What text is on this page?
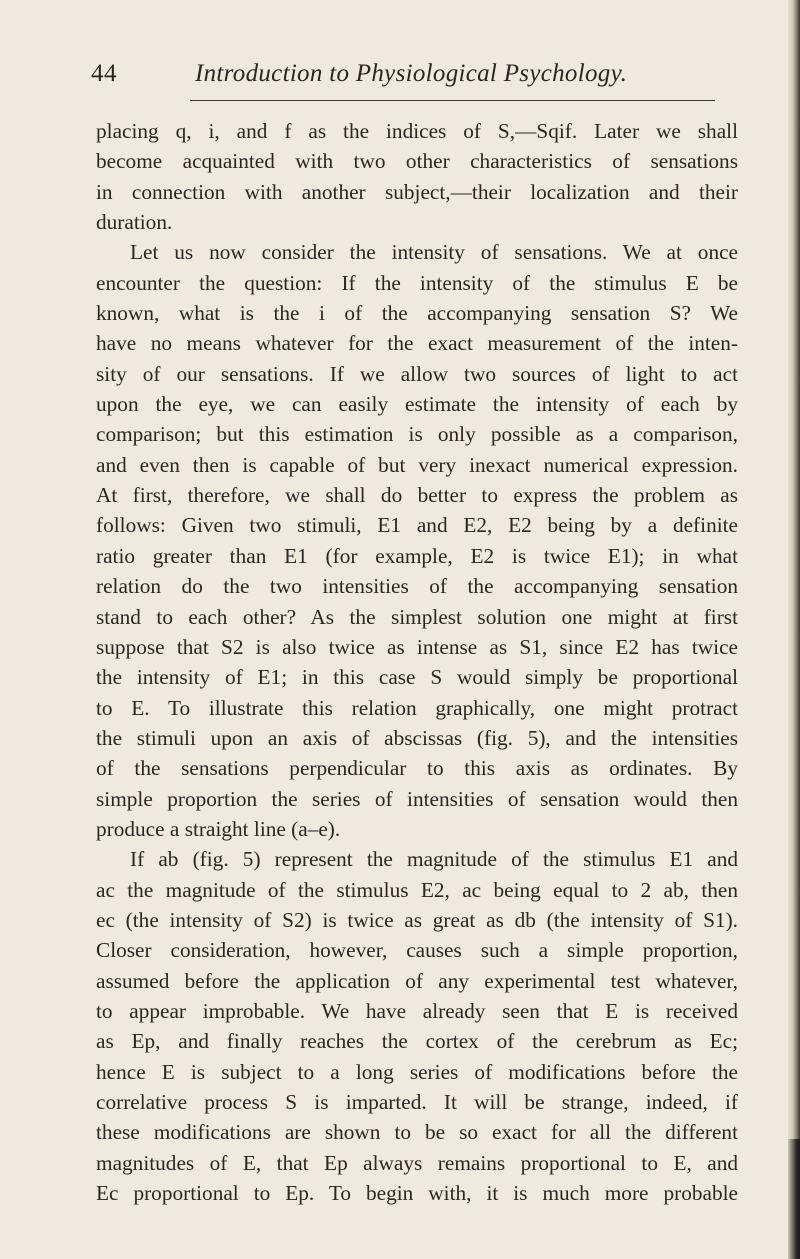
44	Introduction to Physiological Psychology.
placing q, i, and f as the indices of S,—Sqif. Later we shall
become acquainted with two other characteristics of sensations
in connection with another subject,—their localization and their
duration.
Let us now consider the intensity of sensations. We at once
encounter the question: If the intensity of the stimulus E be
known, what is the i of the accompanying sensation S? We
have no means whatever for the exact measurement of the inten-
sity of our sensations. If we allow two sources of light to act
upon the eye, we can easily estimate the intensity of each by
comparison; but this estimation is only possible as a comparison,
and even then is capable of but very inexact numerical expression.
At first, therefore, we shall do better to express the problem as
follows: Given two stimuli, E1 and E2, E2 being by a definite
ratio greater than E1 (for example, E2 is twice E1); in what
relation do the two intensities of the accompanying sensation
stand to each other? As the simplest solution one might at first
suppose that S2 is also twice as intense as S1, since E2 has twice
the intensity of E1; in this case S would simply be proportional
to E. To illustrate this relation graphically, one might protract
the stimuli upon an axis of abscissas (fig. 5), and the intensities
of the sensations perpendicular to this axis as ordinates. By
simple proportion the series of intensities of sensation would then
produce a straight line (a–e).
If ab (fig. 5) represent the magnitude of the stimulus E1 and
ac the magnitude of the stimulus E2, ac being equal to 2 ab, then
ec (the intensity of S2) is twice as great as db (the intensity of S1).
Closer consideration, however, causes such a simple proportion,
assumed before the application of any experimental test whatever,
to appear improbable. We have already seen that E is received
as Ep, and finally reaches the cortex of the cerebrum as Ec;
hence E is subject to a long series of modifications before the
correlative process S is imparted. It will be strange, indeed, if
these modifications are shown to be so exact for all the different
magnitudes of E, that Ep always remains proportional to E, and
Ec proportional to Ep. To begin with, it is much more probable
